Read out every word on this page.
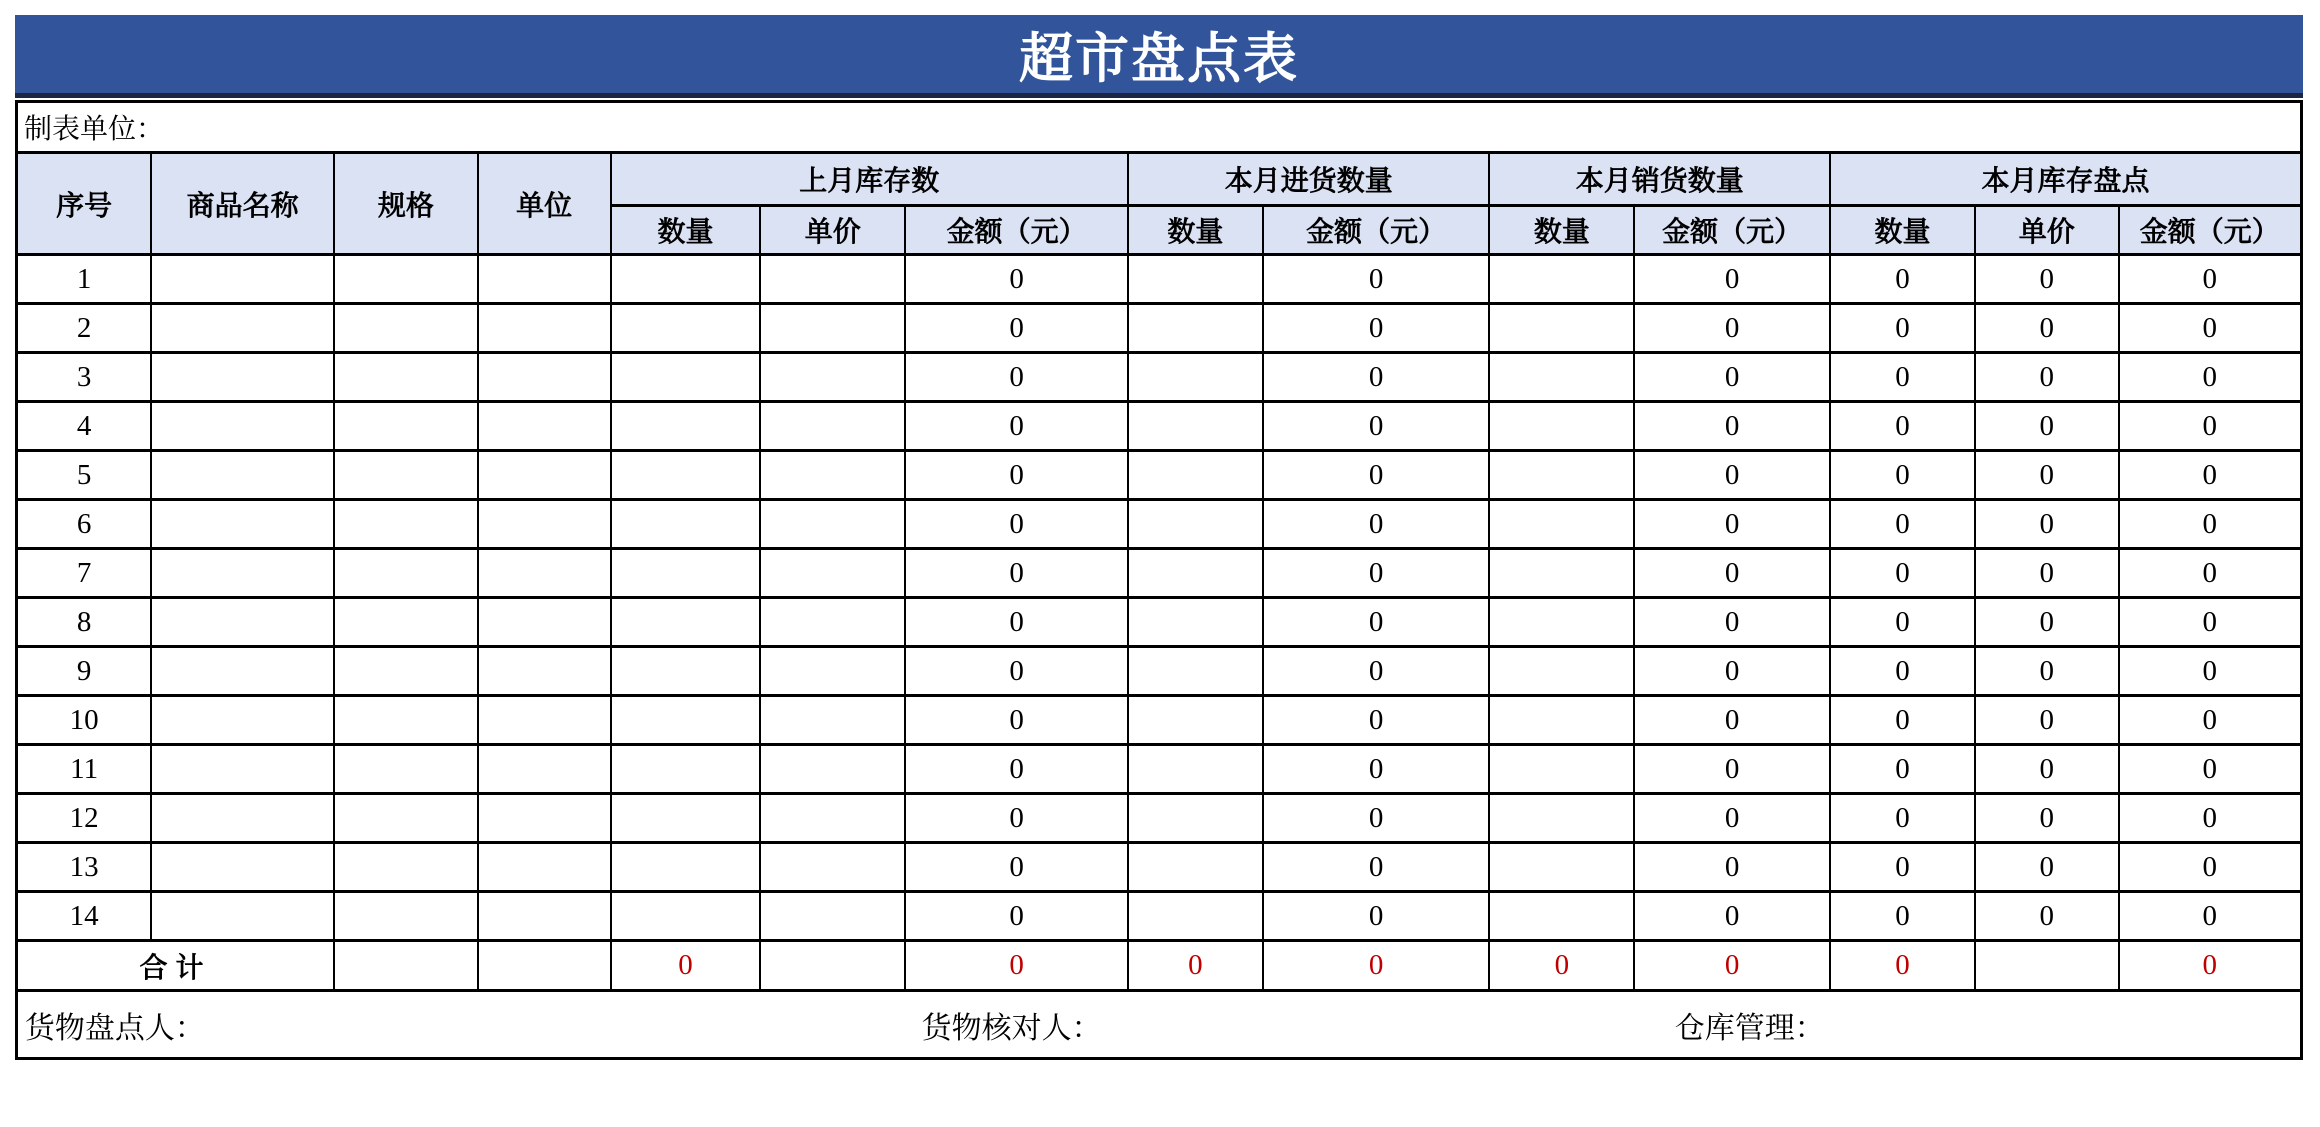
超市盘点表
制表单位：													
序号	商品名称	规格	单位	上月库存数			本月进货数量		本月销货数量		本月库存盘点		
				数量	单价	金额（元）	数量	金额（元）	数量	金额（元）	数量	单价	金额（元）
1						0		0		0	0	0	0
2						0		0		0	0	0	0
3						0		0		0	0	0	0
4						0		0		0	0	0	0
5						0		0		0	0	0	0
6						0		0		0	0	0	0
7						0		0		0	0	0	0
8						0		0		0	0	0	0
9						0		0		0	0	0	0
10						0		0		0	0	0	0
11						0		0		0	0	0	0
12						0		0		0	0	0	0
13						0		0		0	0	0	0
14						0		0		0	0	0	0
合计				0		0	0	0	0	0	0		0

货物盘点人： 货物核对人： 仓库管理：													
